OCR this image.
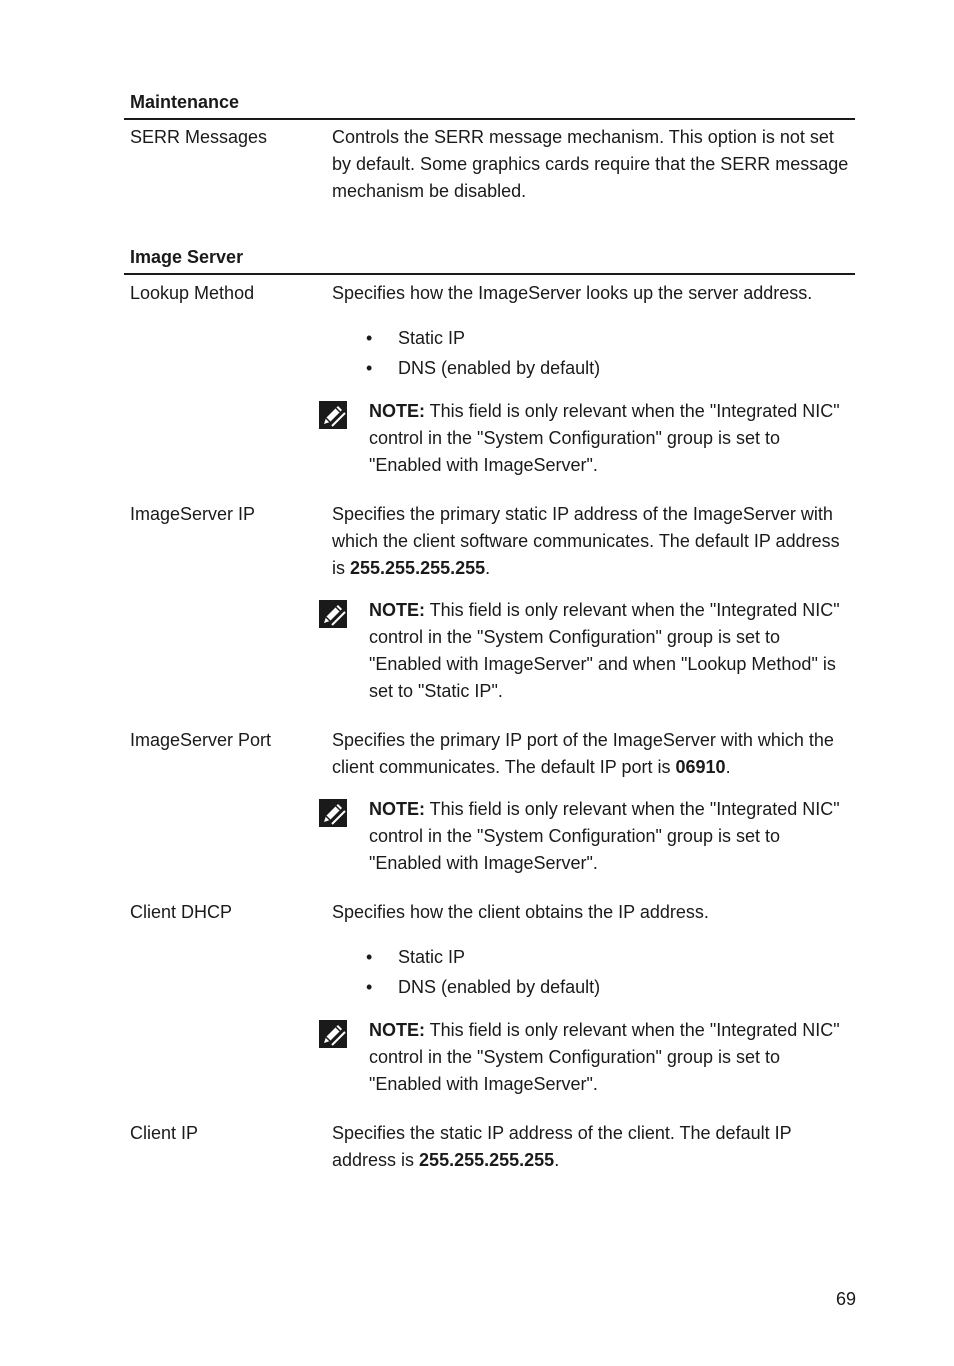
Maintenance
SERR Messages	Controls the SERR message mechanism. This option is not set by default. Some graphics cards require that the SERR message mechanism be disabled.

Image Server
Lookup Method	Specifies how the ImageServer looks up the server address.

• Static IP
• DNS (enabled by default)
NOTE: This field is only relevant when the "Integrated NIC" control in the "System Configuration" group is set to "Enabled with ImageServer".
ImageServer IP	Specifies the primary static IP address of the ImageServer with which the client software communicates. The default IP address is 255.255.255.255.

NOTE: This field is only relevant when the "Integrated NIC" control in the "System Configuration" group is set to "Enabled with ImageServer" and when "Lookup Method" is set to "Static IP".
ImageServer Port	Specifies the primary IP port of the ImageServer with which the client communicates. The default IP port is 06910.

NOTE: This field is only relevant when the "Integrated NIC" control in the "System Configuration" group is set to "Enabled with ImageServer".
Client DHCP	Specifies how the client obtains the IP address.

• Static IP
• DNS (enabled by default)
NOTE: This field is only relevant when the "Integrated NIC" control in the "System Configuration" group is set to "Enabled with ImageServer".
Client IP	Specifies the static IP address of the client. The default IP address is 255.255.255.255.

69
